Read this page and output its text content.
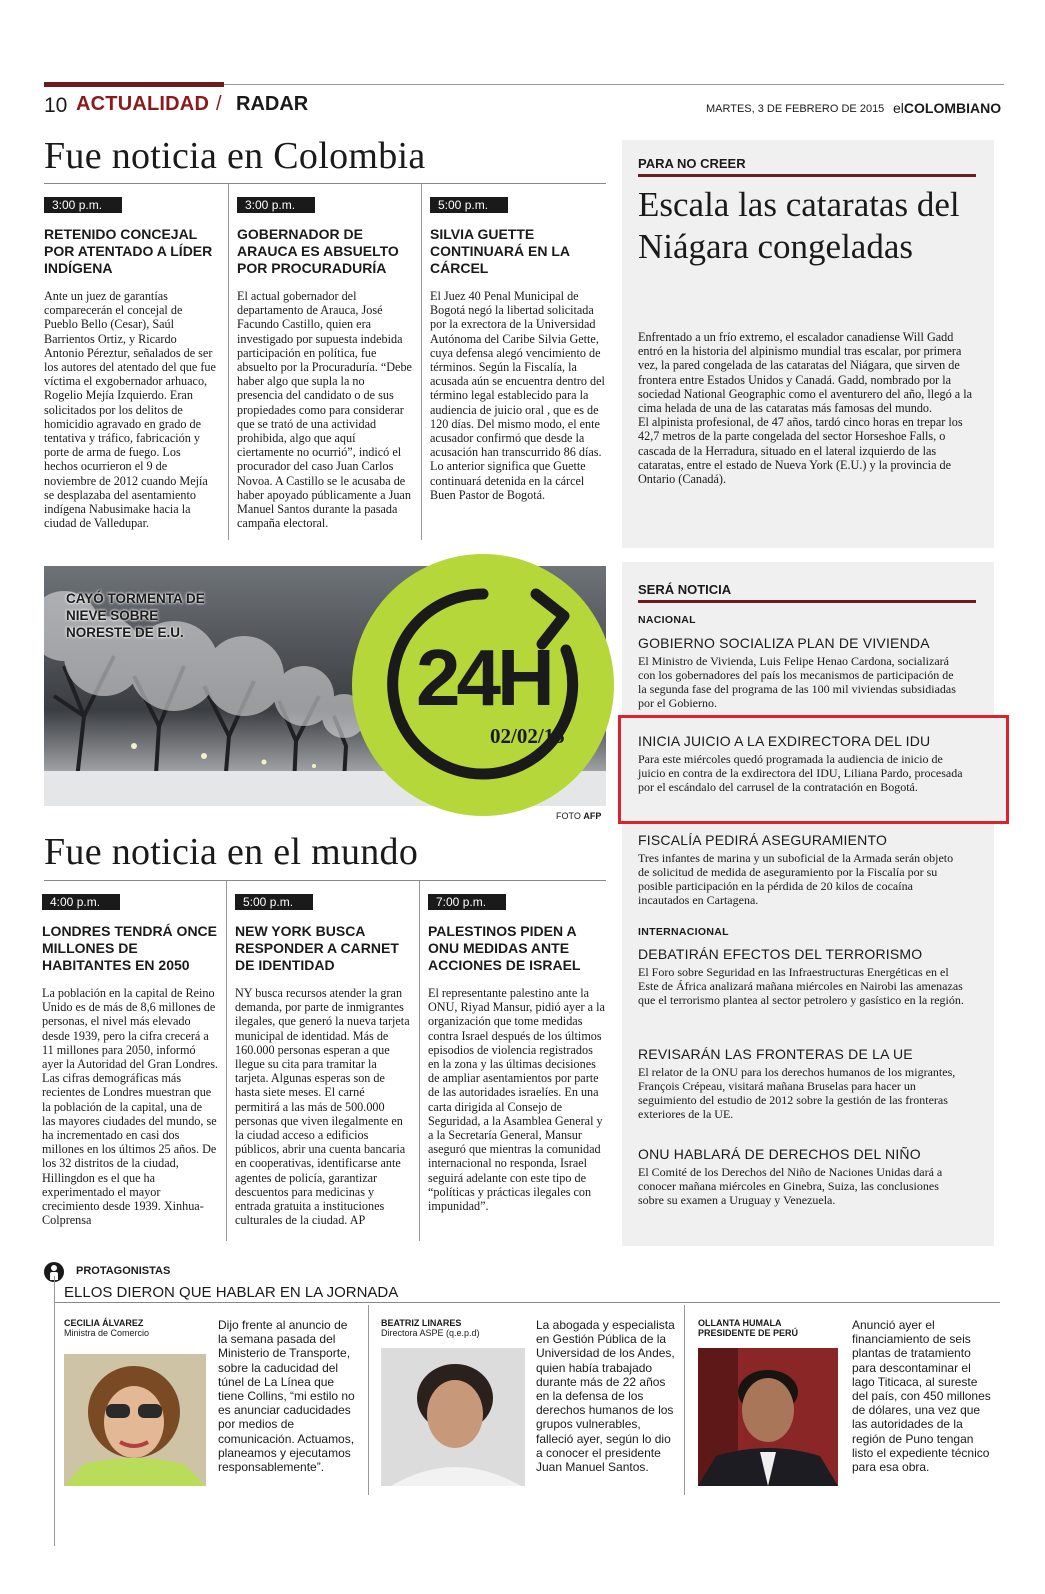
10 ACTUALIDAD / RADAR	MARTES, 3 DE FEBRERO DE 2015 elCOLOMBIANO
Fue noticia en Colombia
3:00 p.m.
RETENIDO CONCEJAL POR ATENTADO A LÍDER INDÍGENA
Ante un juez de garantías comparecerán el concejal de Pueblo Bello (Cesar), Saúl Barrientos Ortiz, y Ricardo Antonio Péreztur, señalados de ser los autores del atentado del que fue víctima el exgobernador arhuaco, Rogelio Mejía Izquierdo. Eran solicitados por los delitos de homicidio agravado en grado de tentativa y tráfico, fabricación y porte de arma de fuego. Los hechos ocurrieron el 9 de noviembre de 2012 cuando Mejía se desplazaba del asentamiento indígena Nabusimake hacia la ciudad de Valledupar.
3:00 p.m.
GOBERNADOR DE ARAUCA ES ABSUELTO POR PROCURADURÍA
El actual gobernador del departamento de Arauca, José Facundo Castillo, quien era investigado por supuesta indebida participación en política, fue absuelto por la Procuraduría. “Debe haber algo que supla la no presencia del candidato o de sus propiedades como para considerar que se trató de una actividad prohibida, algo que aquí ciertamente no ocurrió”, indicó el procurador del caso Juan Carlos Novoa. A Castillo se le acusaba de haber apoyado públicamente a Juan Manuel Santos durante la pasada campaña electoral.
5:00 p.m.
SILVIA GUETTE CONTINUARÁ EN LA CÁRCEL
El Juez 40 Penal Municipal de Bogotá negó la libertad solicitada por la exrectora de la Universidad Autónoma del Caribe Silvia Gette, cuya defensa alegó vencimiento de términos. Según la Fiscalía, la acusada aún se encuentra dentro del término legal establecido para la audiencia de juicio oral , que es de 120 días. Del mismo modo, el ente acusador confirmó que desde la acusación han transcurrido 86 días. Lo anterior significa que Guette continuará detenida en la cárcel Buen Pastor de Bogotá.
CAYÓ TORMENTA DE NIEVE SOBRE NORESTE DE E.U.
24H
02/02/15
FOTO AFP
Fue noticia en el mundo
4:00 p.m.
LONDRES TENDRÁ ONCE MILLONES DE HABITANTES EN 2050
La población en la capital de Reino Unido es de más de 8,6 millones de personas, el nivel más elevado desde 1939, pero la cifra crecerá a 11 millones para 2050, informó ayer la Autoridad del Gran Londres. Las cifras demográficas más recientes de Londres muestran que la población de la capital, una de las mayores ciudades del mundo, se ha incrementado en casi dos millones en los últimos 25 años. De los 32 distritos de la ciudad, Hillingdon es el que ha experimentado el mayor crecimiento desde 1939. Xinhua-Colprensa
5:00 p.m.
NEW YORK BUSCA RESPONDER A CARNET DE IDENTIDAD
NY busca recursos atender la gran demanda, por parte de inmigrantes ilegales, que generó la nueva tarjeta municipal de identidad. Más de 160.000 personas esperan a que llegue su cita para tramitar la tarjeta. Algunas esperas son de hasta siete meses. El carné permitirá a las más de 500.000 personas que viven ilegalmente en la ciudad acceso a edificios públicos, abrir una cuenta bancaria en cooperativas, identificarse ante agentes de policía, garantizar descuentos para medicinas y entrada gratuita a instituciones culturales de la ciudad. AP
7:00 p.m.
PALESTINOS PIDEN A ONU MEDIDAS ANTE ACCIONES DE ISRAEL
El representante palestino ante la ONU, Riyad Mansur, pidió ayer a la organización que tome medidas contra Israel después de los últimos episodios de violencia registrados en la zona y las últimas decisiones de ampliar asentamientos por parte de las autoridades israelíes. En una carta dirigida al Consejo de Seguridad, a la Asamblea General y a la Secretaría General, Mansur aseguró que mientras la comunidad internacional no responda, Israel seguirá adelante con este tipo de “políticas y prácticas ilegales con impunidad”.
PARA NO CREER
Escala las cataratas del Niágara congeladas

Enfrentado a un frío extremo, el escalador canadiense Will Gadd entró en la historia del alpinismo mundial tras escalar, por primera vez, la pared congelada de las cataratas del Niágara, que sirven de frontera entre Estados Unidos y Canadá. Gadd, nombrado por la sociedad National Geographic como el aventurero del año, llegó a la cima helada de una de las cataratas más famosas del mundo.

El alpinista profesional, de 47 años, tardó cinco horas en trepar los 42,7 metros de la parte congelada del sector Horseshoe Falls, o cascada de la Herradura, situado en el lateral izquierdo de las cataratas, entre el estado de Nueva York (E.U.) y la provincia de Ontario (Canadá).

SERÁ NOTICIA
NACIONAL
GOBIERNO SOCIALIZA PLAN DE VIVIENDA
El Ministro de Vivienda, Luis Felipe Henao Cardona, socializará con los gobernadores del país los mecanismos de participación de la segunda fase del programa de las 100 mil viviendas subsidiadas por el Gobierno.
INICIA JUICIO A LA EXDIRECTORA DEL IDU
Para este miércoles quedó programada la audiencia de inicio de juicio en contra de la exdirectora del IDU, Liliana Pardo, procesada por el escándalo del carrusel de la contratación en Bogotá.
FISCALÍA PEDIRÁ ASEGURAMIENTO
Tres infantes de marina y un suboficial de la Armada serán objeto de solicitud de medida de aseguramiento por la Fiscalía por su posible participación en la pérdida de 20 kilos de cocaína incautados en Cartagena.
INTERNACIONAL
DEBATIRÁN EFECTOS DEL TERRORISMO
El Foro sobre Seguridad en las Infraestructuras Energéticas en el Este de África analizará mañana miércoles en Nairobi las amenazas que el terrorismo plantea al sector petrolero y gasístico en la región.
REVISARÁN LAS FRONTERAS DE LA UE
El relator de la ONU para los derechos humanos de los migrantes, François Crépeau, visitará mañana Bruselas para hacer un seguimiento del estudio de 2012 sobre la gestión de las fronteras exteriores de la UE.
ONU HABLARÁ DE DERECHOS DEL NIÑO
El Comité de los Derechos del Niño de Naciones Unidas dará a conocer mañana miércoles en Ginebra, Suiza, las conclusiones sobre su examen a Uruguay y Venezuela.
PROTAGONISTAS
ELLOS DIERON QUE HABLAR EN LA JORNADA
CECILIA ÁLVAREZ
Ministra de Comercio
Dijo frente al anuncio de la semana pasada del Ministerio de Transporte, sobre la caducidad del túnel de La Línea que tiene Collins, “mi estilo no es anunciar caducidades por medios de comunicación. Actuamos, planeamos y ejecutamos responsablemente”.
BEATRIZ LINARES
Directora ASPE (q.e.p.d)
La abogada y especialista en Gestión Pública de la Universidad de los Andes, quien había trabajado durante más de 22 años en la defensa de los derechos humanos de los grupos vulnerables, falleció ayer, según lo dio a conocer el presidente Juan Manuel Santos.
OLLANTA HUMALA
PRESIDENTE DE PERÚ
Anunció ayer el financiamiento de seis plantas de tratamiento para descontaminar el lago Titicaca, al sureste del país, con 450 millones de dólares, una vez que las autoridades de la región de Puno tengan listo el expediente técnico para esa obra.
